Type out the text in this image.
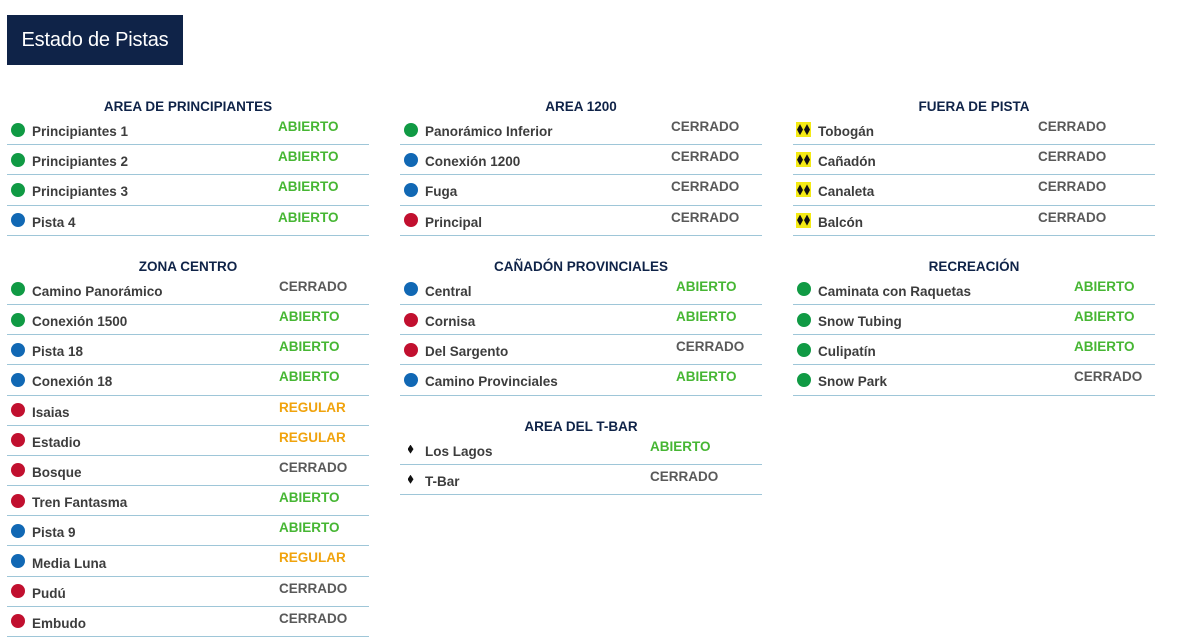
Estado de Pistas
AREA DE PRINCIPIANTES
Principiantes 1	ABIERTO
Principiantes 2	ABIERTO
Principiantes 3	ABIERTO
Pista 4	ABIERTO
ZONA CENTRO
Camino Panorámico	CERRADO
Conexión 1500	ABIERTO
Pista 18	ABIERTO
Conexión 18	ABIERTO
Isaias	REGULAR
Estadio	REGULAR
Bosque	CERRADO
Tren Fantasma	ABIERTO
Pista 9	ABIERTO
Media Luna	REGULAR
Pudú	CERRADO
Embudo	CERRADO
AREA 1200
Panorámico Inferior	CERRADO
Conexión 1200	CERRADO
Fuga	CERRADO
Principal	CERRADO
CAÑADÓN PROVINCIALES
Central	ABIERTO
Cornisa	ABIERTO
Del Sargento	CERRADO
Camino Provinciales	ABIERTO
AREA DEL T-BAR
Los Lagos	ABIERTO
T-Bar	CERRADO
FUERA DE PISTA
Tobogán	CERRADO
Cañadón	CERRADO
Canaleta	CERRADO
Balcón	CERRADO
RECREACIÓN
Caminata con Raquetas	ABIERTO
Snow Tubing	ABIERTO
Culipatín	ABIERTO
Snow Park	CERRADO
